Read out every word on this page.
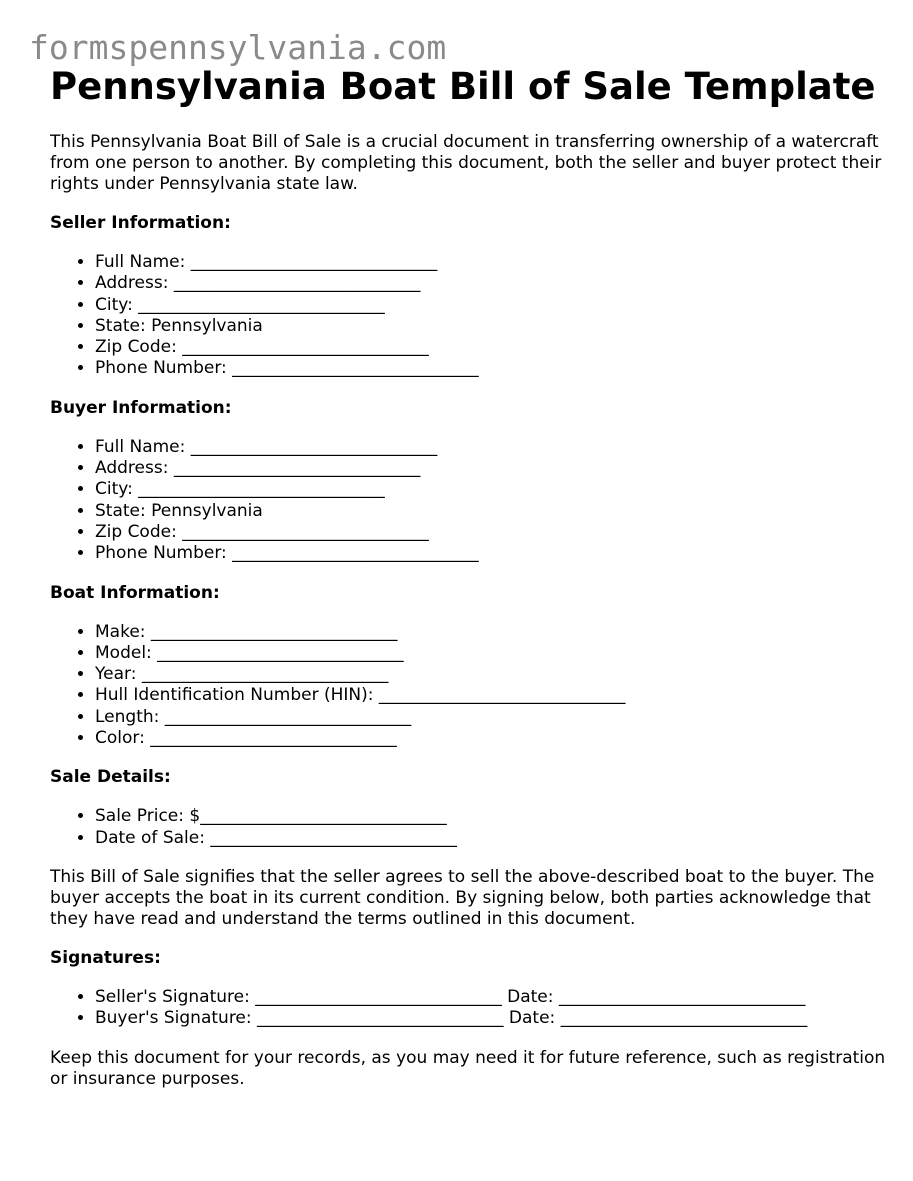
formspennsylvania.com
Pennsylvania Boat Bill of Sale Template

This Pennsylvania Boat Bill of Sale is a crucial document in transferring ownership of a watercraft from one person to another. By completing this document, both the seller and buyer protect their rights under Pennsylvania state law.

Seller Information:
• Full Name: _____________________________
• Address: _____________________________
• City: _____________________________
• State: Pennsylvania
• Zip Code: _____________________________
• Phone Number: _____________________________
Buyer Information:
• Full Name: _____________________________
• Address: _____________________________
• City: _____________________________
• State: Pennsylvania
• Zip Code: _____________________________
• Phone Number: _____________________________
Boat Information:
• Make: _____________________________
• Model: _____________________________
• Year: _____________________________
• Hull Identification Number (HIN): _____________________________
• Length: _____________________________
• Color: _____________________________
Sale Details:
• Sale Price: $_____________________________
• Date of Sale: _____________________________

This Bill of Sale signifies that the seller agrees to sell the above-described boat to the buyer. The buyer accepts the boat in its current condition. By signing below, both parties acknowledge that they have read and understand the terms outlined in this document.

Signatures:
• Seller's Signature: _____________________________ Date: _____________________________
• Buyer's Signature: _____________________________ Date: _____________________________

Keep this document for your records, as you may need it for future reference, such as registration or insurance purposes.
